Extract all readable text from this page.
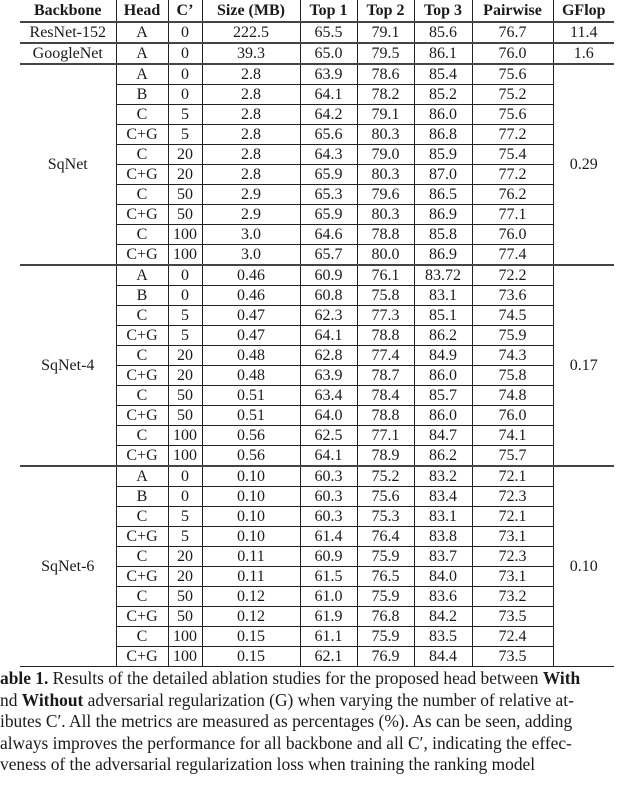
Backbone	Head	C’	Size (MB)	Top 1	Top 2	Top 3	Pairwise	GFlop
ResNet-152	A	0	222.5	65.5	79.1	85.6	76.7	11.4
GoogleNet	A	0	39.3	65.0	79.5	86.1	76.0	1.6
SqNet	A	0	2.8	63.9	78.6	85.4	75.6	0.29
	B	0	2.8	64.1	78.2	85.2	75.2	
	C	5	2.8	64.2	79.1	86.0	75.6	
	C+G	5	2.8	65.6	80.3	86.8	77.2	
	C	20	2.8	64.3	79.0	85.9	75.4	
	C+G	20	2.8	65.9	80.3	87.0	77.2	
	C	50	2.9	65.3	79.6	86.5	76.2	
	C+G	50	2.9	65.9	80.3	86.9	77.1	
	C	100	3.0	64.6	78.8	85.8	76.0	
	C+G	100	3.0	65.7	80.0	86.9	77.4	
SqNet-4	A	0	0.46	60.9	76.1	83.72	72.2	0.17
	B	0	0.46	60.8	75.8	83.1	73.6	
	C	5	0.47	62.3	77.3	85.1	74.5	
	C+G	5	0.47	64.1	78.8	86.2	75.9	
	C	20	0.48	62.8	77.4	84.9	74.3	
	C+G	20	0.48	63.9	78.7	86.0	75.8	
	C	50	0.51	63.4	78.4	85.7	74.8	
	C+G	50	0.51	64.0	78.8	86.0	76.0	
	C	100	0.56	62.5	77.1	84.7	74.1	
	C+G	100	0.56	64.1	78.9	86.2	75.7	
SqNet-6	A	0	0.10	60.3	75.2	83.2	72.1	0.10
	B	0	0.10	60.3	75.6	83.4	72.3	
	C	5	0.10	60.3	75.3	83.1	72.1	
	C+G	5	0.10	61.4	76.4	83.8	73.1	
	C	20	0.11	60.9	75.9	83.7	72.3	
	C+G	20	0.11	61.5	76.5	84.0	73.1	
	C	50	0.12	61.0	75.9	83.6	73.2	
	C+G	50	0.12	61.9	76.8	84.2	73.5	
	C	100	0.15	61.1	75.9	83.5	72.4	
	C+G	100	0.15	62.1	76.9	84.4	73.5	
able 1. Results of the detailed ablation studies for the proposed head between With
nd Without adversarial regularization (G) when varying the number of relative at-
ibutes C′. All the metrics are measured as percentages (%). As can be seen, adding
always improves the performance for all backbone and all C′, indicating the effec-
veness of the adversarial regularization loss when training the ranking model
